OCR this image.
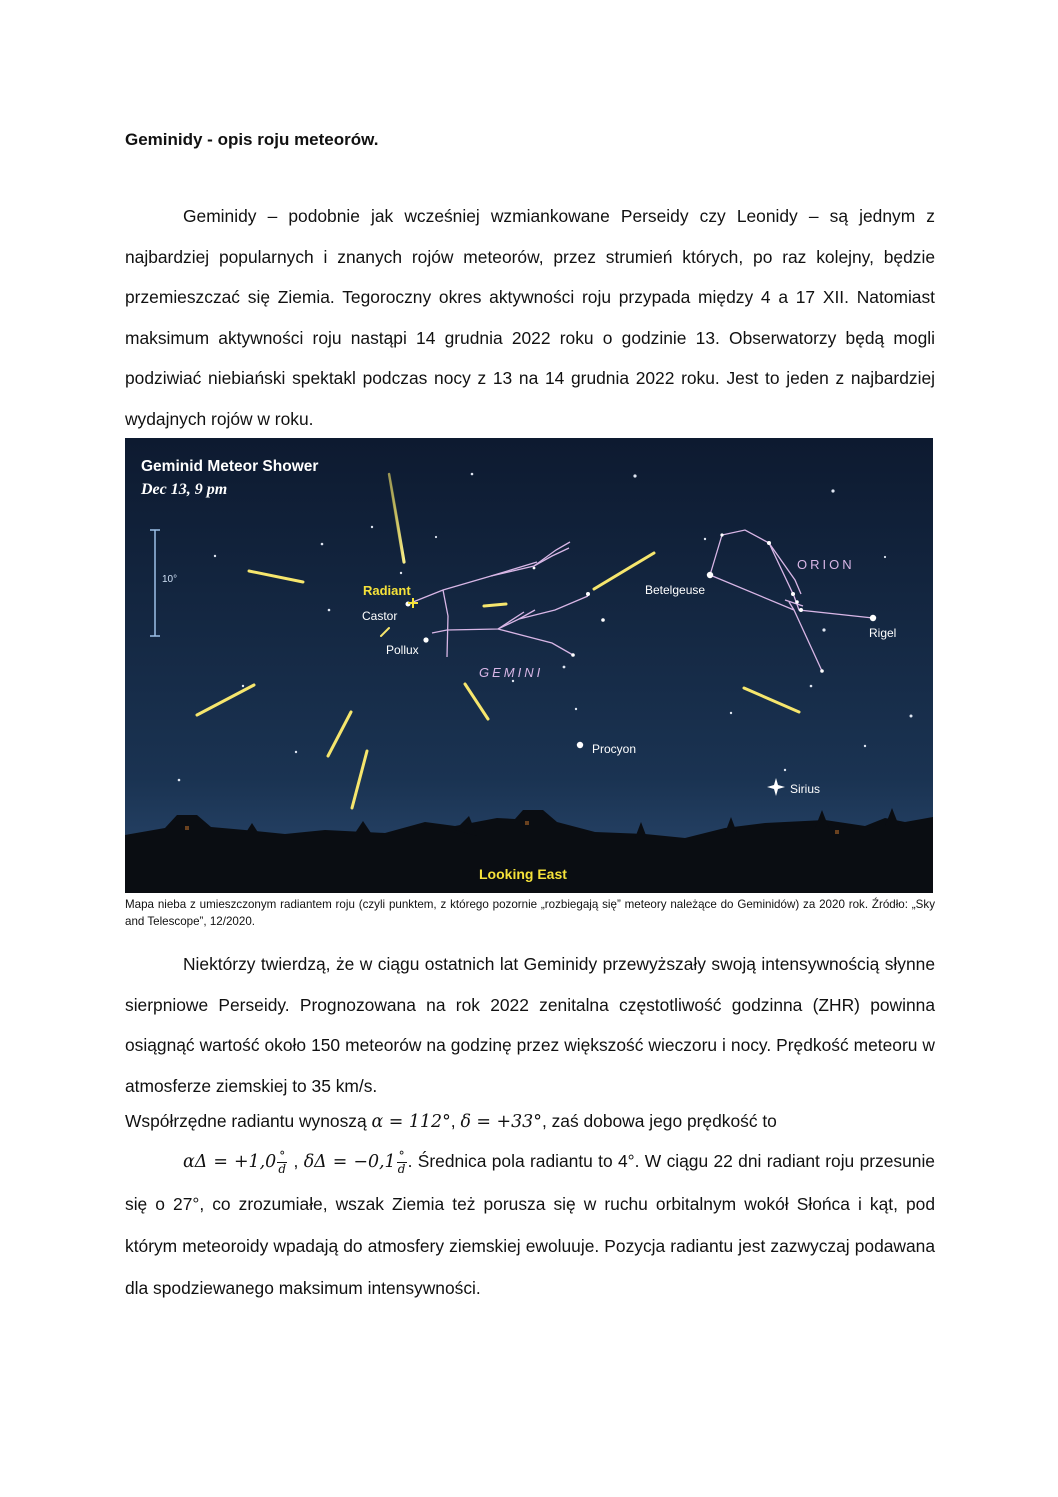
Geminidy - opis roju meteorów.

Geminidy – podobnie jak wcześniej wzmiankowane Perseidy czy Leonidy – są jednym z najbardziej popularnych i znanych rojów meteorów, przez strumień których, po raz kolejny, będzie przemieszczać się Ziemia. Tegoroczny okres aktywności roju przypada między 4 a 17 XII. Natomiast maksimum aktywności roju nastąpi 14 grudnia 2022 roku o godzinie 13. Obserwatorzy będą mogli podziwiać niebiański spektakl podczas nocy z 13 na 14 grudnia 2022 roku. Jest to jeden z najbardziej wydajnych rojów w roku.

Geminid Meteor Shower
Dec 13, 9 pm
10°
Radiant
Castor
Pollux
GEMINI
Betelgeuse
ORION
Rigel
Procyon
Sirius
Looking East

Mapa nieba z umieszczonym radiantem roju (czyli punktem, z którego pozornie „rozbiegają się” meteory należące do Geminidów) za 2020 rok. Źródło: „Sky and Telescope”, 12/2020.

Niektórzy twierdzą, że w ciągu ostatnich lat Geminidy przewyższały swoją intensywnością słynne sierpniowe Perseidy. Prognozowana na rok 2022 zenitalna częstotliwość godzinna (ZHR) powinna osiągnąć wartość około 150 meteorów na godzinę przez większość wieczoru i nocy. Prędkość meteoru w atmosferze ziemskiej to 35 km/s.

Współrzędne radiantu wynoszą α = 112°, δ = +33°, zaś dobowa jego prędkość to

$\alpha\Delta = +1,0 \frac{^\circ}{d}$ , $\delta\Delta = -0,1 \frac{^\circ}{d}$ . Średnica pola radiantu to 4°. W ciągu 22 dni radiant roju przesunie się o 27°, co zrozumiałe, wszak Ziemia też porusza się w ruchu orbitalnym wokół Słońca i kąt, pod którym meteoroidy wpadają do atmosfery ziemskiej ewoluuje. Pozycja radiantu jest zazwyczaj podawana dla spodziewanego maksimum intensywności.
